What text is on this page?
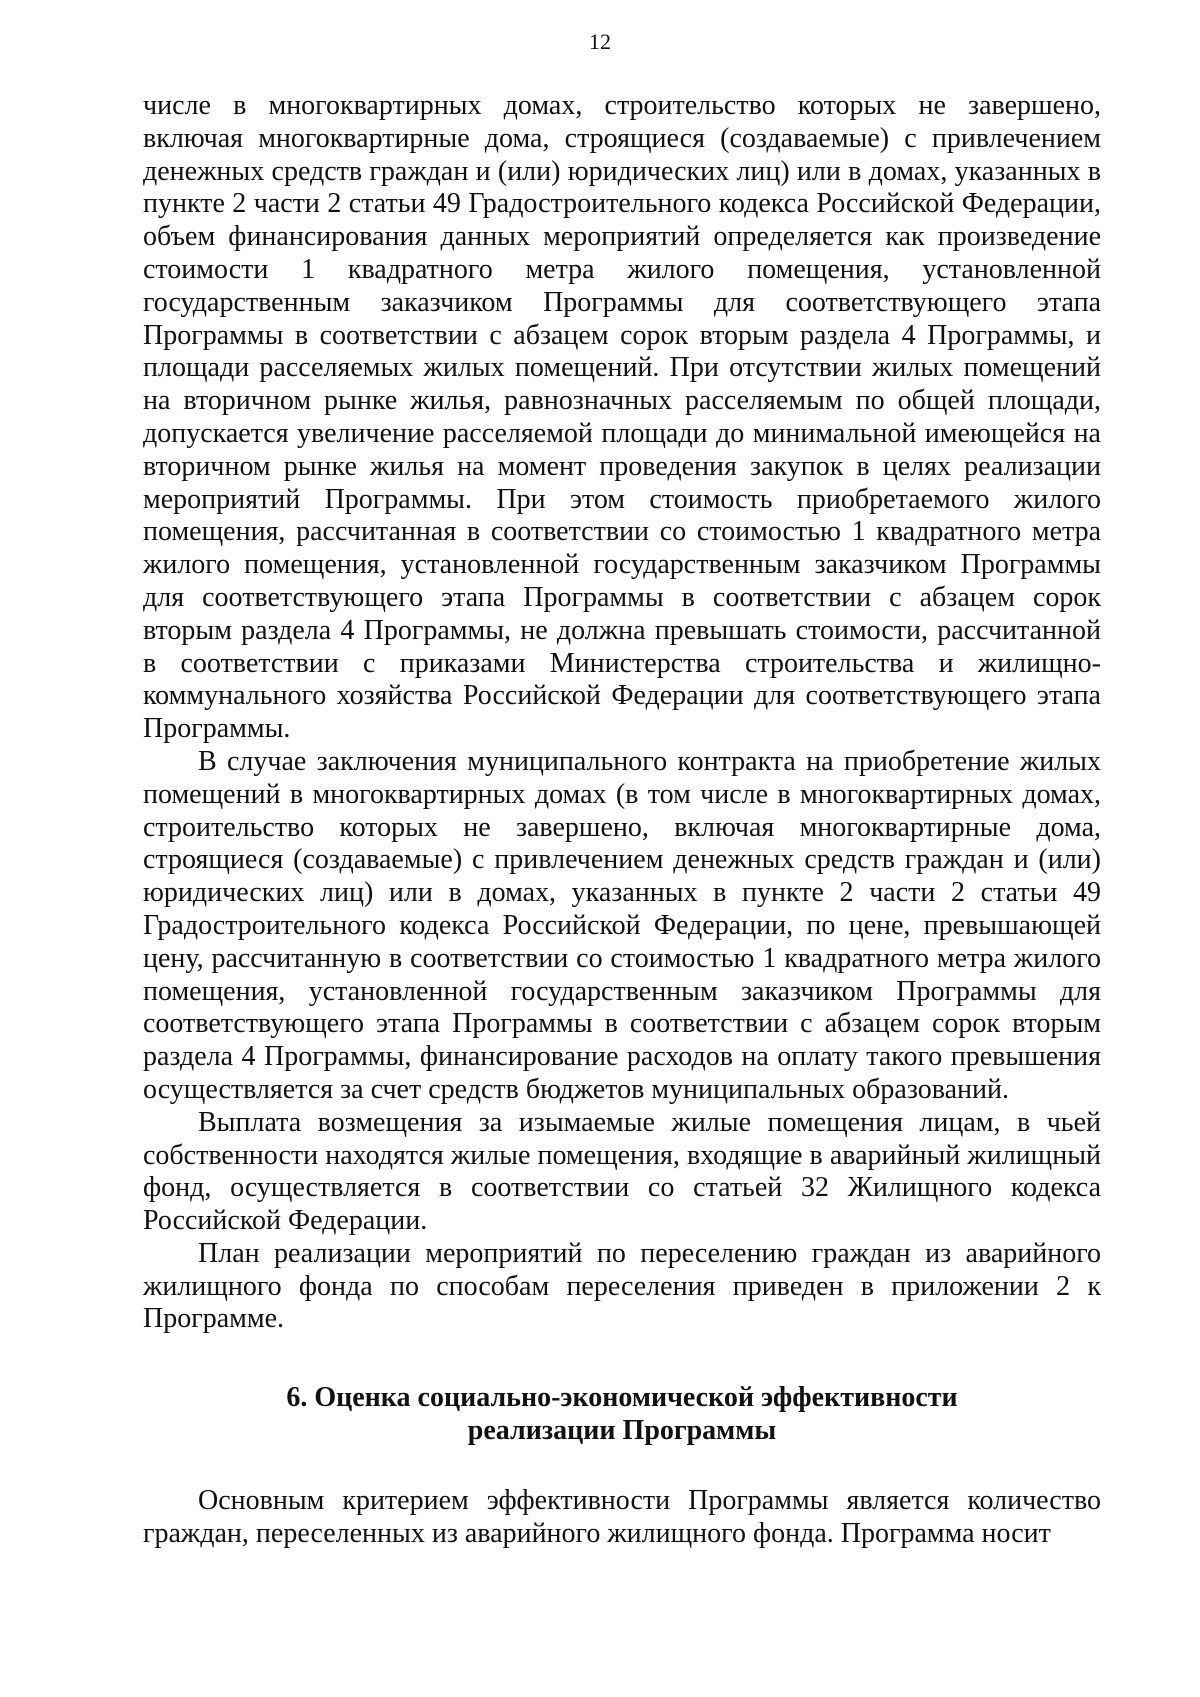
12

числе в многоквартирных домах, строительство которых не завершено, включая многоквартирные дома, строящиеся (создаваемые) с привлечением денежных средств граждан и (или) юридических лиц) или в домах, указанных в пункте 2 части 2 статьи 49 Градостроительного кодекса Российской Федерации, объем финансирования данных мероприятий определяется как произведение стоимости 1 квадратного метра жилого помещения, установленной государственным заказчиком Программы для соответствующего этапа Программы в соответствии с абзацем сорок вторым раздела 4 Программы, и площади расселяемых жилых помещений. При отсутствии жилых помещений на вторичном рынке жилья, равнозначных расселяемым по общей площади, допускается увеличение расселяемой площади до минимальной имеющейся на вторичном рынке жилья на момент проведения закупок в целях реализации мероприятий Программы. При этом стоимость приобретаемого жилого помещения, рассчитанная в соответствии со стоимостью 1 квадратного метра жилого помещения, установленной государственным заказчиком Программы для соответствующего этапа Программы в соответствии с абзацем сорок вторым раздела 4 Программы, не должна превышать стоимости, рассчитанной в соответствии с приказами Министерства строительства и жилищно-коммунального хозяйства Российской Федерации для соответствующего этапа Программы.

В случае заключения муниципального контракта на приобретение жилых помещений в многоквартирных домах (в том числе в многоквартирных домах, строительство которых не завершено, включая многоквартирные дома, строящиеся (создаваемые) с привлечением денежных средств граждан и (или) юридических лиц) или в домах, указанных в пункте 2 части 2 статьи 49 Градостроительного кодекса Российской Федерации, по цене, превышающей цену, рассчитанную в соответствии со стоимостью 1 квадратного метра жилого помещения, установленной государственным заказчиком Программы для соответствующего этапа Программы в соответствии с абзацем сорок вторым раздела 4 Программы, финансирование расходов на оплату такого превышения осуществляется за счет средств бюджетов муниципальных образований.

Выплата возмещения за изымаемые жилые помещения лицам, в чьей собственности находятся жилые помещения, входящие в аварийный жилищный фонд, осуществляется в соответствии со статьей 32 Жилищного кодекса Российской Федерации.

План реализации мероприятий по переселению граждан из аварийного жилищного фонда по способам переселения приведен в приложении 2 к Программе.

6. Оценка социально-экономической эффективности
реализации Программы

Основным критерием эффективности Программы является количество граждан, переселенных из аварийного жилищного фонда. Программа носит
